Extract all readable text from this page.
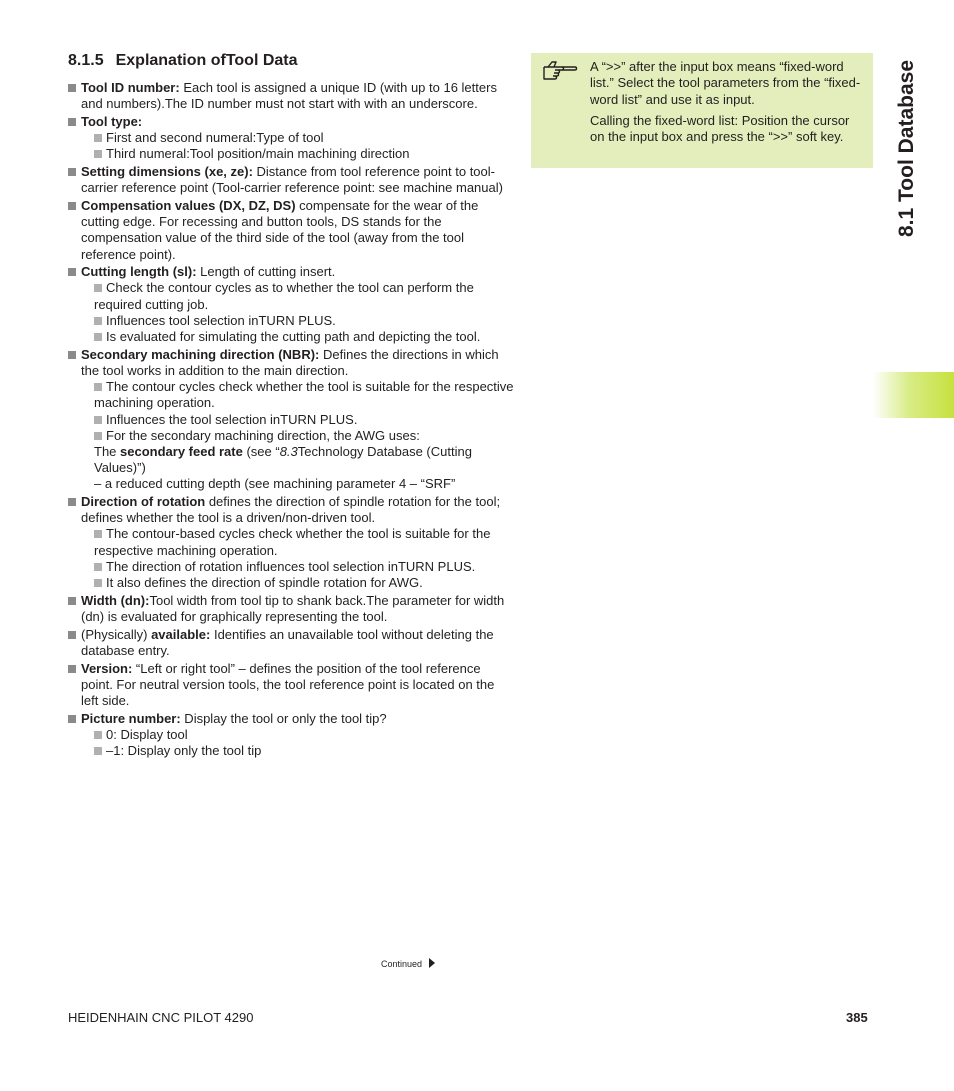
8.1.5 Explanation ofTool Data
Tool ID number: Each tool is assigned a unique ID (with up to 16 letters and numbers).The ID number must not start with with an underscore.
Tool type:
First and second numeral:Type of tool
Third numeral:Tool position/main machining direction
Setting dimensions (xe, ze): Distance from tool reference point to tool-carrier reference point (Tool-carrier reference point: see machine manual)
Compensation values (DX, DZ, DS) compensate for the wear of the cutting edge. For recessing and button tools, DS stands for the compensation value of the third side of the tool (away from the tool reference point).
Cutting length (sl): Length of cutting insert.
Check the contour cycles as to whether the tool can perform the required cutting job.
Influences tool selection inTURN PLUS.
Is evaluated for simulating the cutting path and depicting the tool.
Secondary machining direction (NBR): Defines the directions in which the tool works in addition to the main direction.
The contour cycles check whether the tool is suitable for the respective machining operation.
Influences the tool selection inTURN PLUS.
For the secondary machining direction, the AWG uses:
The secondary feed rate (see “8.3Technology Database (Cutting Values)”)
– a reduced cutting depth (see machining parameter 4 – “SRF”
Direction of rotation defines the direction of spindle rotation for the tool; defines whether the tool is a driven/non-driven tool.
The contour-based cycles check whether the tool is suitable for the respective machining operation.
The direction of rotation influences tool selection inTURN PLUS.
It also defines the direction of spindle rotation for AWG.
Width (dn):Tool width from tool tip to shank back.The parameter for width (dn) is evaluated for graphically representing the tool.
(Physically) available: Identifies an unavailable tool without deleting the database entry.
Version: “Left or right tool” – defines the position of the tool reference point. For neutral version tools, the tool reference point is located on the left side.
Picture number: Display the tool or only the tool tip?
0: Display tool
–1: Display only the tool tip

A “>>” after the input box means “fixed-word list.” Select the tool parameters from the “fixed-word list” and use it as input.

Calling the fixed-word list: Position the cursor on the input box and press the “>>” soft key.	8.1 Tool Database
Continued
HEIDENHAIN CNC PILOT 4290	385
